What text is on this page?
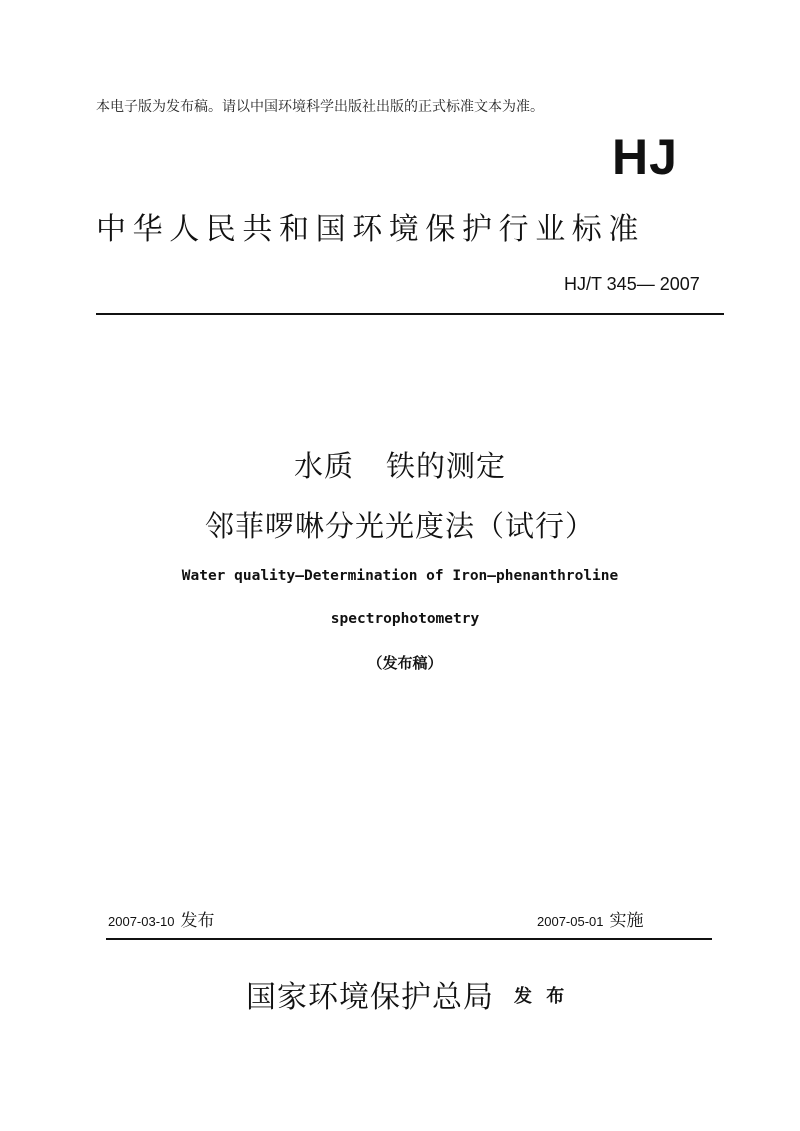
本电子版为发布稿。请以中国环境科学出版社出版的正式标准文本为准。
HJ
中华人民共和国环境保护行业标准
HJ/T 345— 2007
水质 铁的测定
邻菲啰啉分光光度法（试行）
Water quality—Determination of Iron—phenanthroline
spectrophotometry
（发布稿）
2007-03-10 发布	2007-05-01 实施
国家环境保护总局 发 布
